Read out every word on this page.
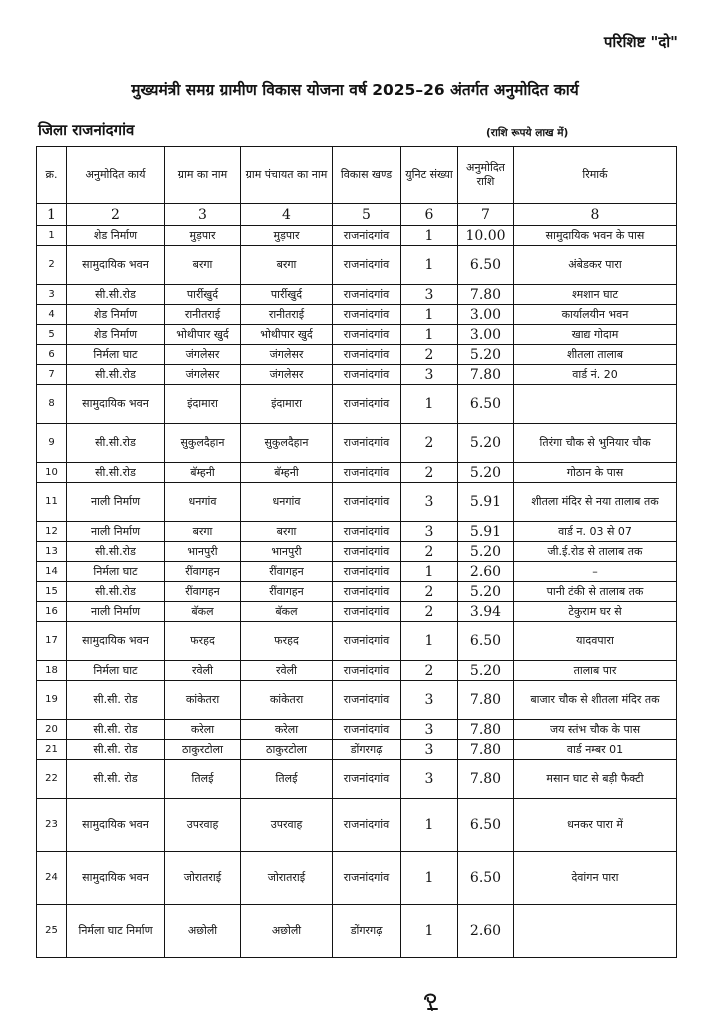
परिशिष्ट "दो"
मुख्यमंत्री समग्र ग्रामीण विकास योजना वर्ष 2025–26 अंतर्गत अनुमोदित कार्य
जिला राजनांदगांव	(राशि रूपये लाख में)
क्र.	अनुमोदित कार्य	ग्राम का नाम	ग्राम पंचायत का नाम	विकास खण्ड	युनिट संख्या	अनुमोदित राशि	रिमार्क
1	2	3	4	5	6	7	8
1	शेड निर्माण	मुड़पार	मुड़पार	राजनांदगांव	1	10.00	सामुदायिक भवन के पास
2	सामुदायिक भवन	बरगा	बरगा	राजनांदगांव	1	6.50	अंबेडकर पारा
3	सी.सी.रोड	पार्रीखुर्द	पार्रीखुर्द	राजनांदगांव	3	7.80	श्मशान घाट
4	शेड निर्माण	रानीतराई	रानीतराई	राजनांदगांव	1	3.00	कार्यालयीन भवन
5	शेड निर्माण	भोथीपार खुर्द	भोथीपार खुर्द	राजनांदगांव	1	3.00	खाद्य गोदाम
6	निर्मला घाट	जंगलेसर	जंगलेसर	राजनांदगांव	2	5.20	शीतला तालाब
7	सी.सी.रोड	जंगलेसर	जंगलेसर	राजनांदगांव	3	7.80	वार्ड नं. 20
8	सामुदायिक भवन	इंदामारा	इंदामारा	राजनांदगांव	1	6.50	
9	सी.सी.रोड	सुकुलदैहान	सुकुलदैहान	राजनांदगांव	2	5.20	तिरंगा चौक से भुनियार चौक
10	सी.सी.रोड	बॅम्हनी	बॅम्हनी	राजनांदगांव	2	5.20	गोठान के पास
11	नाली निर्माण	धनगांव	धनगांव	राजनांदगांव	3	5.91	शीतला मंदिर से नया तालाब तक
12	नाली निर्माण	बरगा	बरगा	राजनांदगांव	3	5.91	वार्ड न. 03 से 07
13	सी.सी.रोड	भानपुरी	भानपुरी	राजनांदगांव	2	5.20	जी.ई.रोड से तालाब तक
14	निर्मला घाट	रींवागहन	रींवागहन	राजनांदगांव	1	2.60	–
15	सी.सी.रोड	रींवागहन	रींवागहन	राजनांदगांव	2	5.20	पानी टंकी से तालाब तक
16	नाली निर्माण	बॅकल	बॅकल	राजनांदगांव	2	3.94	टेकुराम घर से
17	सामुदायिक भवन	फरहद	फरहद	राजनांदगांव	1	6.50	यादवपारा
18	निर्मला घाट	रवेली	रवेली	राजनांदगांव	2	5.20	तालाब पार
19	सी.सी. रोड	कांकेतरा	कांकेतरा	राजनांदगांव	3	7.80	बाजार चौक से शीतला मंदिर तक
20	सी.सी. रोड	करेला	करेला	राजनांदगांव	3	7.80	जय स्तंभ चौक के पास
21	सी.सी. रोड	ठाकुरटोला	ठाकुरटोला	डोंगरगढ़	3	7.80	वार्ड नम्बर 01
22	सी.सी. रोड	तिलई	तिलई	राजनांदगांव	3	7.80	मसान घाट से बड़ी फैक्टी
23	सामुदायिक भवन	उपरवाह	उपरवाह	राजनांदगांव	1	6.50	धनकर पारा में
24	सामुदायिक भवन	जोरातराई	जोरातराई	राजनांदगांव	1	6.50	देवांगन पारा
25	निर्मला घाट निर्माण	अछोली	अछोली	डोंगरगढ़	1	2.60	
